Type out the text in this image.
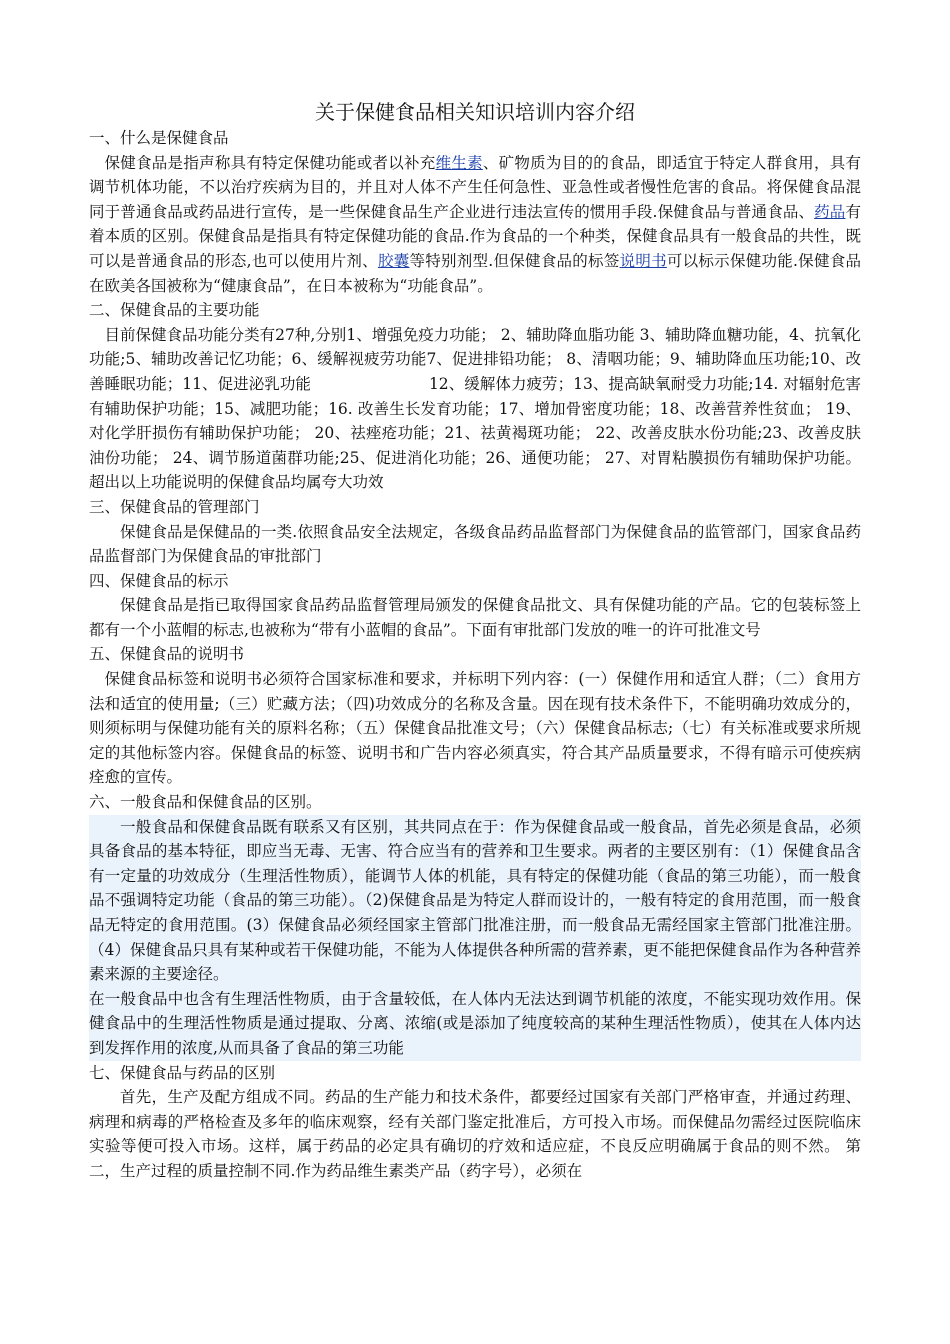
关于保健食品相关知识培训内容介绍
一、什么是保健食品
保健食品是指声称具有特定保健功能或者以补充维生素、矿物质为目的的食品，即适宜于特定人群食用，具有调节机体功能，不以治疗疾病为目的，并且对人体不产生任何急性、亚急性或者慢性危害的食品。将保健食品混同于普通食品或药品进行宣传，是一些保健食品生产企业进行违法宣传的惯用手段.保健食品与普通食品、药品有着本质的区别。保健食品是指具有特定保健功能的食品.作为食品的一个种类，保健食品具有一般食品的共性，既可以是普通食品的形态,也可以使用片剂、胶囊等特别剂型.但保健食品的标签说明书可以标示保健功能.保健食品在欧美各国被称为“健康食品”，在日本被称为“功能食品”。
二、保健食品的主要功能
目前保健食品功能分类有27种,分别1、增强免疫力功能； 2、辅助降血脂功能 3、辅助降血糖功能，4、抗氧化功能;5、辅助改善记忆功能；6、缓解视疲劳功能7、促进排铅功能； 8、清咽功能；9、辅助降血压功能;10、改善睡眠功能；11、促进泌乳功能	12、缓解体力疲劳；13、提高缺氧耐受力功能;14. 对辐射危害有辅助保护功能；15、减肥功能；16. 改善生长发育功能；17、增加骨密度功能；18、改善营养性贫血； 19、对化学肝损伤有辅助保护功能； 20、祛痤疮功能；21、祛黄褐斑功能； 22、改善皮肤水份功能;23、改善皮肤油份功能； 24、调节肠道菌群功能;25、促进消化功能；26、通便功能； 27、对胃粘膜损伤有辅助保护功能。超出以上功能说明的保健食品均属夸大功效
三、保健食品的管理部门
保健食品是保健品的一类.依照食品安全法规定，各级食品药品监督部门为保健食品的监管部门，国家食品药品监督部门为保健食品的审批部门
四、保健食品的标示
保健食品是指已取得国家食品药品监督管理局颁发的保健食品批文、具有保健功能的产品。它的包装标签上都有一个小蓝帽的标志,也被称为“带有小蓝帽的食品”。下面有审批部门发放的唯一的许可批准文号
五、保健食品的说明书
保健食品标签和说明书必须符合国家标准和要求，并标明下列内容：(一）保健作用和适宜人群；（二）食用方法和适宜的使用量;（三）贮藏方法；（四)功效成分的名称及含量。因在现有技术条件下，不能明确功效成分的，则须标明与保健功能有关的原料名称；（五）保健食品批准文号；（六）保健食品标志;（七）有关标准或要求所规定的其他标签内容。保健食品的标签、说明书和广告内容必须真实，符合其产品质量要求，不得有暗示可使疾病痊愈的宣传。
六、一般食品和保健食品的区别。
一般食品和保健食品既有联系又有区别，其共同点在于：作为保健食品或一般食品，首先必须是食品，必须具备食品的基本特征，即应当无毒、无害、符合应当有的营养和卫生要求。两者的主要区别有：（1）保健食品含有一定量的功效成分（生理活性物质），能调节人体的机能，具有特定的保健功能（食品的第三功能），而一般食品不强调特定功能（食品的第三功能）。（2)保健食品是为特定人群而设计的，一般有特定的食用范围，而一般食品无特定的食用范围。(3）保健食品必须经国家主管部门批准注册，而一般食品无需经国家主管部门批准注册。（4）保健食品只具有某种或若干保健功能，不能为人体提供各种所需的营养素，更不能把保健食品作为各种营养素来源的主要途径。
在一般食品中也含有生理活性物质，由于含量较低，在人体内无法达到调节机能的浓度，不能实现功效作用。保健食品中的生理活性物质是通过提取、分离、浓缩(或是添加了纯度较高的某种生理活性物质），使其在人体内达到发挥作用的浓度,从而具备了食品的第三功能
七、保健食品与药品的区别
首先，生产及配方组成不同。药品的生产能力和技术条件，都要经过国家有关部门严格审查，并通过药理、病理和病毒的严格检查及多年的临床观察，经有关部门鉴定批准后，方可投入市场。而保健品勿需经过医院临床实验等便可投入市场。这样，属于药品的必定具有确切的疗效和适应症，不良反应明确属于食品的则不然。 第二，生产过程的质量控制不同.作为药品维生素类产品（药字号），必须在
